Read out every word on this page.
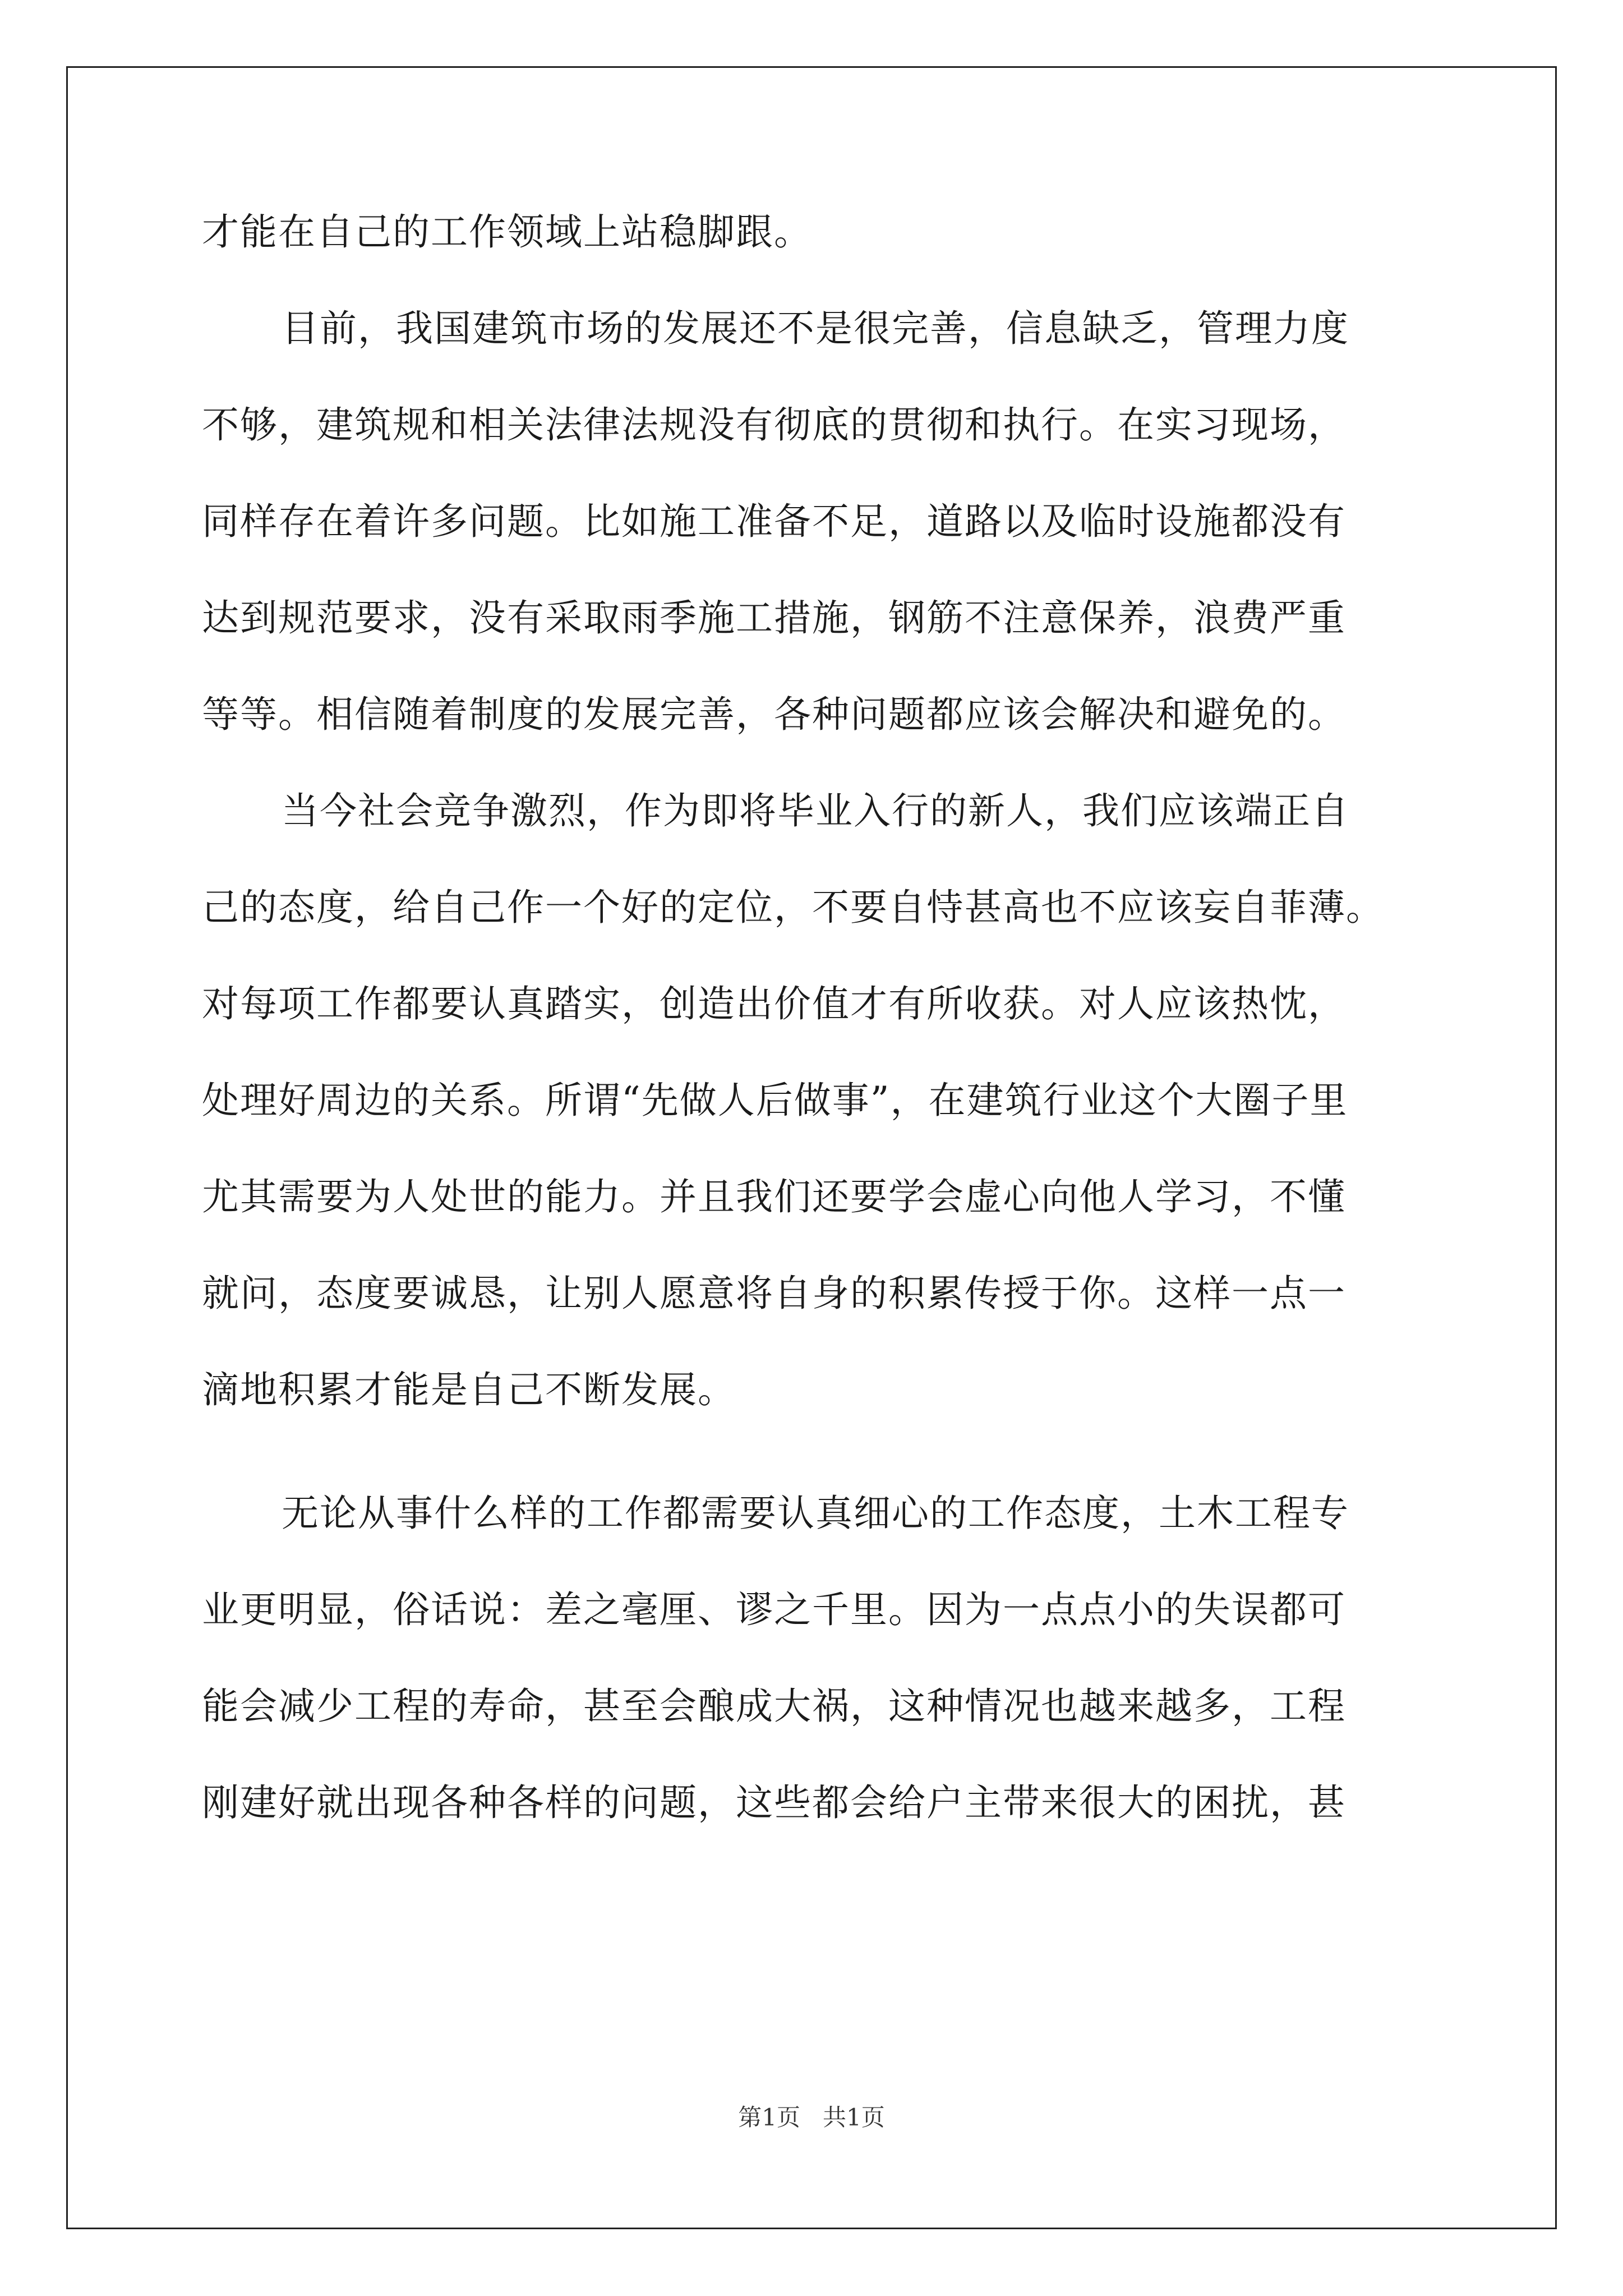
才能在自己的工作领域上站稳脚跟。
目前，我国建筑市场的发展还不是很完善，信息缺乏，管理力度
不够，建筑规和相关法律法规没有彻底的贯彻和执行。在实习现场，
同样存在着许多问题。比如施工准备不足，道路以及临时设施都没有
达到规范要求，没有采取雨季施工措施，钢筋不注意保养，浪费严重
等等。相信随着制度的发展完善，各种问题都应该会解决和避免的。
当今社会竞争激烈，作为即将毕业入行的新人，我们应该端正自
己的态度，给自己作一个好的定位，不要自恃甚高也不应该妄自菲薄。
对每项工作都要认真踏实，创造出价值才有所收获。对人应该热忱，
处理好周边的关系。所谓“先做人后做事”，在建筑行业这个大圈子里
尤其需要为人处世的能力。并且我们还要学会虚心向他人学习，不懂
就问，态度要诚恳，让别人愿意将自身的积累传授于你。这样一点一
滴地积累才能是自己不断发展。
无论从事什么样的工作都需要认真细心的工作态度，土木工程专
业更明显，俗话说：差之毫厘、谬之千里。因为一点点小的失误都可
能会减少工程的寿命，甚至会酿成大祸，这种情况也越来越多，工程
刚建好就出现各种各样的问题，这些都会给户主带来很大的困扰，甚
第1页   共1页
